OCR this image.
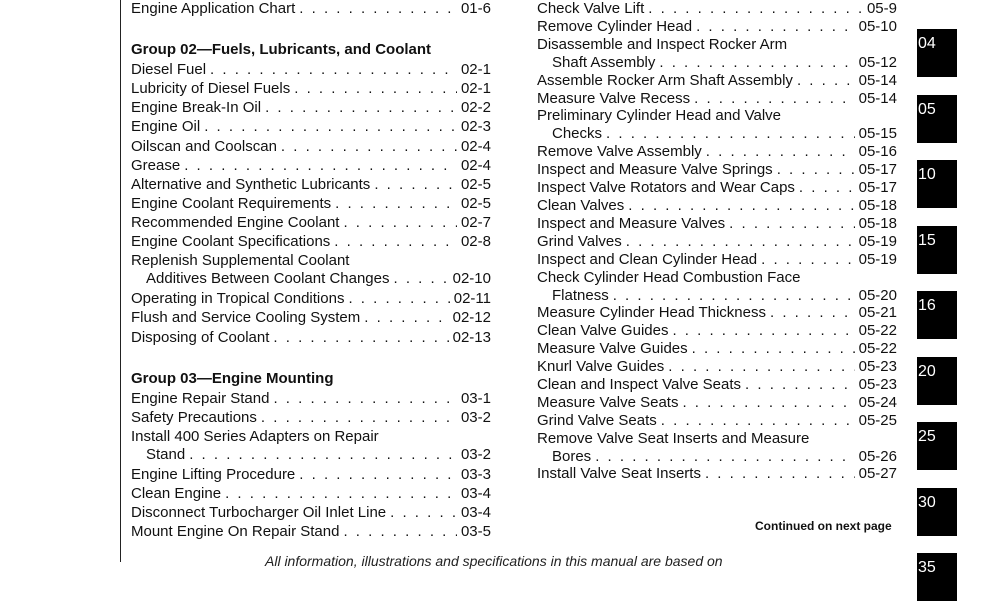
Engine Application Chart . . .	01-6
Group 02—Fuels, Lubricants, and Coolant
Diesel Fuel . . .	02-1
Lubricity of Diesel Fuels . . .	02-1
Engine Break-In Oil . . .	02-2
Engine Oil . . .	02-3
Oilscan and Coolscan . . .	02-4
Grease . . .	02-4
Alternative and Synthetic Lubricants . . .	02-5
Engine Coolant Requirements . . .	02-5
Recommended Engine Coolant . . .	02-7
Engine Coolant Specifications . . .	02-8
Replenish Supplemental Coolant
Additives Between Coolant Changes . . .	02-10
Operating in Tropical Conditions . . .	02-11
Flush and Service Cooling System . . .	02-12
Disposing of Coolant . . .	02-13
Group 03—Engine Mounting
Engine Repair Stand . . .	03-1
Safety Precautions . . .	03-2
Install 400 Series Adapters on Repair
Stand . . .	03-2
Engine Lifting Procedure . . .	03-3
Clean Engine . . .	03-4
Disconnect Turbocharger Oil Inlet Line . . .	03-4
Mount Engine On Repair Stand . . .	03-5
Check Valve Lift . . .	05-9
Remove Cylinder Head . . .	05-10
Disassemble and Inspect Rocker Arm
Shaft Assembly . . .	05-12
Assemble Rocker Arm Shaft Assembly . . .	05-14
Measure Valve Recess . . .	05-14
Preliminary Cylinder Head and Valve
Checks . . .	05-15
Remove Valve Assembly . . .	05-16
Inspect and Measure Valve Springs . . .	05-17
Inspect Valve Rotators and Wear Caps . . .	05-17
Clean Valves . . .	05-18
Inspect and Measure Valves . . .	05-18
Grind Valves . . .	05-19
Inspect and Clean Cylinder Head . . .	05-19
Check Cylinder Head Combustion Face
Flatness . . .	05-20
Measure Cylinder Head Thickness . . .	05-21
Clean Valve Guides . . .	05-22
Measure Valve Guides . . .	05-22
Knurl Valve Guides . . .	05-23
Clean and Inspect Valve Seats . . .	05-23
Measure Valve Seats . . .	05-24
Grind Valve Seats . . .	05-25
Remove Valve Seat Inserts and Measure
Bores . . .	05-26
Install Valve Seat Inserts . . .	05-27
Continued on next page
All information, illustrations and specifications in this manual are based on
04
05
10
15
16
20
25
30
35
